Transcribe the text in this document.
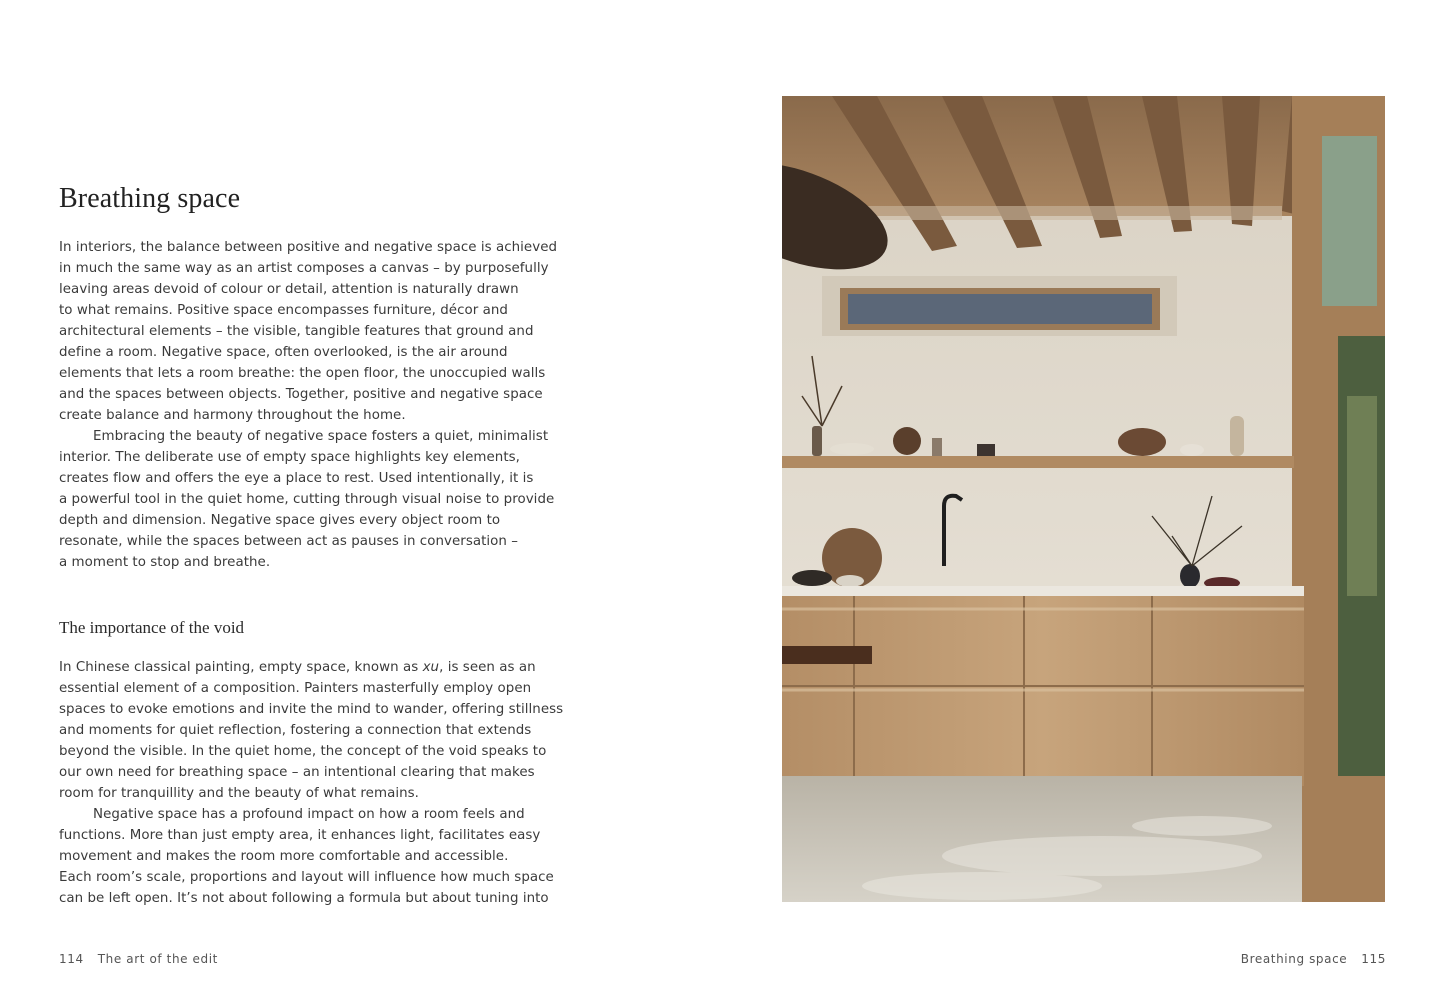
Breathing space

In interiors, the balance between positive and negative space is achieved
in much the same way as an artist composes a canvas – by purposefully
leaving areas devoid of colour or detail, attention is naturally drawn
to what remains. Positive space encompasses furniture, décor and
architectural elements – the visible, tangible features that ground and
define a room. Negative space, often overlooked, is the air around
elements that lets a room breathe: the open floor, the unoccupied walls
and the spaces between objects. Together, positive and negative space
create balance and harmony throughout the home.

Embracing the beauty of negative space fosters a quiet, minimalist
interior. The deliberate use of empty space highlights key elements,
creates flow and offers the eye a place to rest. Used intentionally, it is
a powerful tool in the quiet home, cutting through visual noise to provide
depth and dimension. Negative space gives every object room to
resonate, while the spaces between act as pauses in conversation –
a moment to stop and breathe.

The importance of the void

In Chinese classical painting, empty space, known as xu, is seen as an
essential element of a composition. Painters masterfully employ open
spaces to evoke emotions and invite the mind to wander, offering stillness
and moments for quiet reflection, fostering a connection that extends
beyond the visible. In the quiet home, the concept of the void speaks to
our own need for breathing space – an intentional clearing that makes
room for tranquillity and the beauty of what remains.

Negative space has a profound impact on how a room feels and
functions. More than just empty area, it enhances light, facilitates easy
movement and makes the room more comfortable and accessible.
Each room’s scale, proportions and layout will influence how much space
can be left open. It’s not about following a formula but about tuning into

114 The art of the edit	Breathing space 115
